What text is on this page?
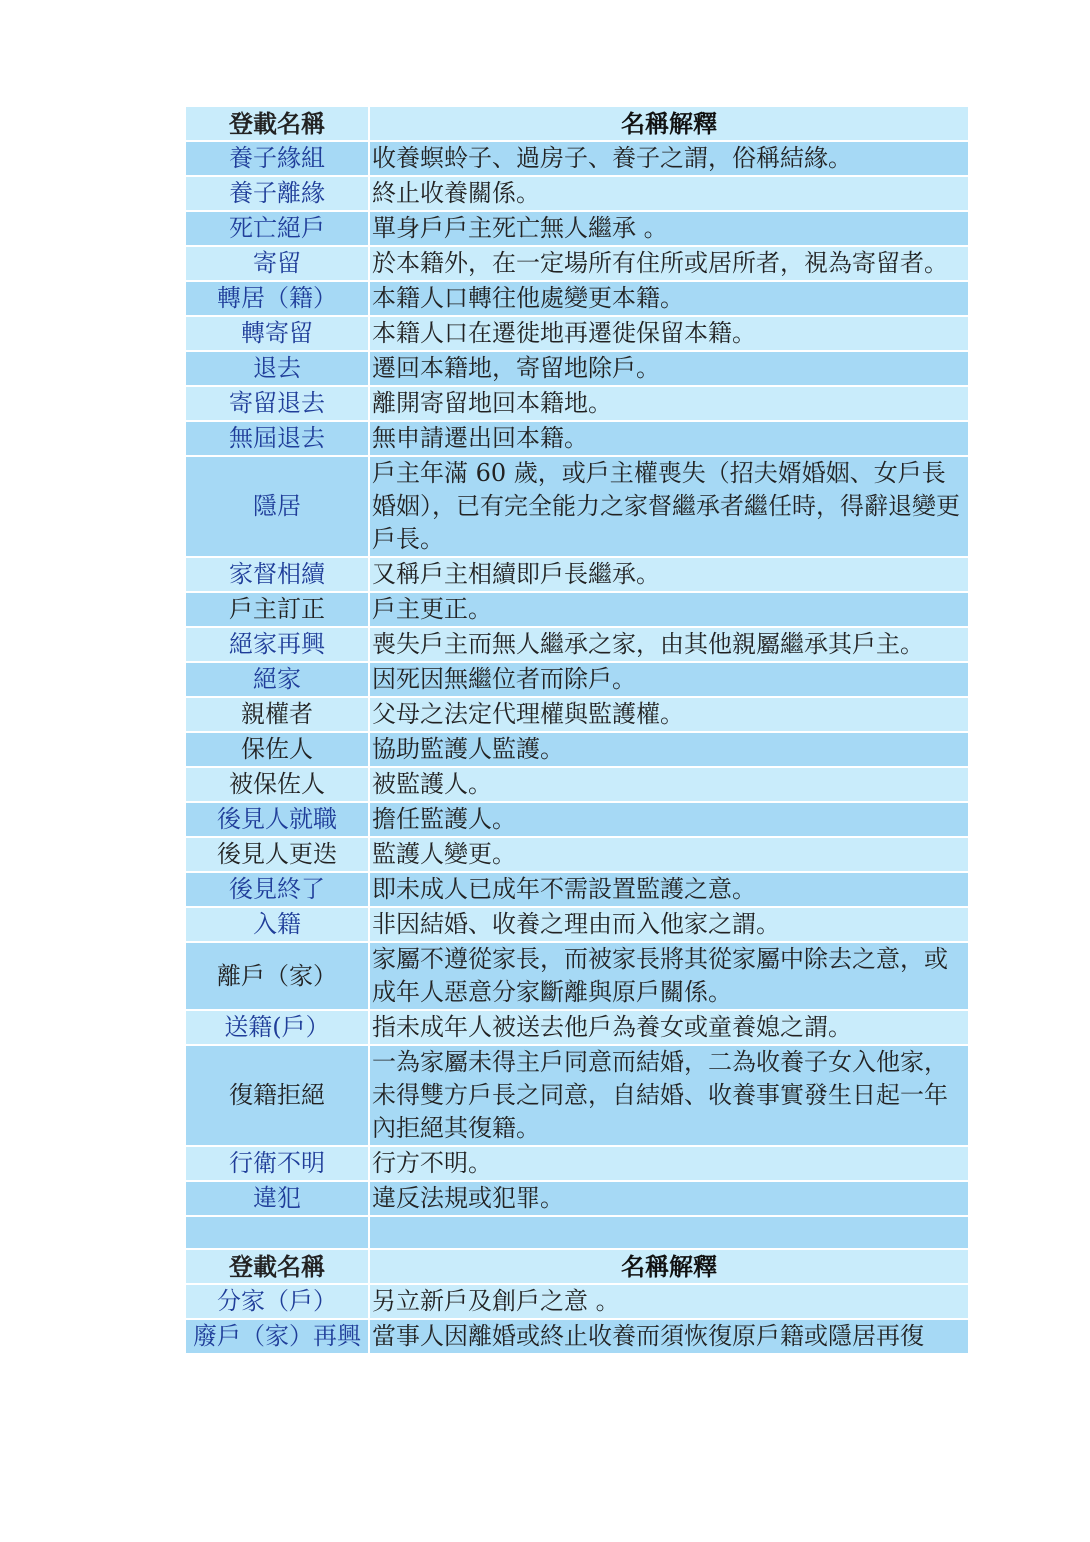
登載名稱	名稱解釋
養子緣組	收養螟蛉子、過房子、養子之謂，俗稱結緣。
養子離緣	終止收養關係。
死亡絕戶	單身戶戶主死亡無人繼承 。
寄留	於本籍外，在一定場所有住所或居所者，視為寄留者。
轉居（籍）	本籍人口轉往他處變更本籍。
轉寄留	本籍人口在遷徙地再遷徙保留本籍。
退去	遷回本籍地，寄留地除戶。
寄留退去	離開寄留地回本籍地。
無屆退去	無申請遷出回本籍。
隱居	戶主年滿 60 歲，或戶主權喪失（招夫婿婚姻、女戶長婚姻），已有完全能力之家督繼承者繼任時，得辭退變更戶長。
家督相續	又稱戶主相續即戶長繼承。
戶主訂正	戶主更正。
絕家再興	喪失戶主而無人繼承之家，由其他親屬繼承其戶主。
絕家	因死因無繼位者而除戶。
親權者	父母之法定代理權與監護權。
保佐人	協助監護人監護。
被保佐人	被監護人。
後見人就職	擔任監護人。
後見人更迭	監護人變更。
後見終了	即未成人已成年不需設置監護之意。
入籍	非因結婚、收養之理由而入他家之謂。
離戶（家）	家屬不遵從家長，而被家長將其從家屬中除去之意，或成年人惡意分家斷離與原戶關係。
送籍(戶）	指未成年人被送去他戶為養女或童養媳之謂。
復籍拒絕	一為家屬未得主戶同意而結婚，二為收養子女入他家，未得雙方戶長之同意，自結婚、收養事實發生日起一年內拒絕其復籍。
行衛不明	行方不明。
違犯	違反法規或犯罪。

登載名稱	名稱解釋
分家（戶）	另立新戶及創戶之意 。
廢戶（家）再興	當事人因離婚或終止收養而須恢復原戶籍或隱居再復
